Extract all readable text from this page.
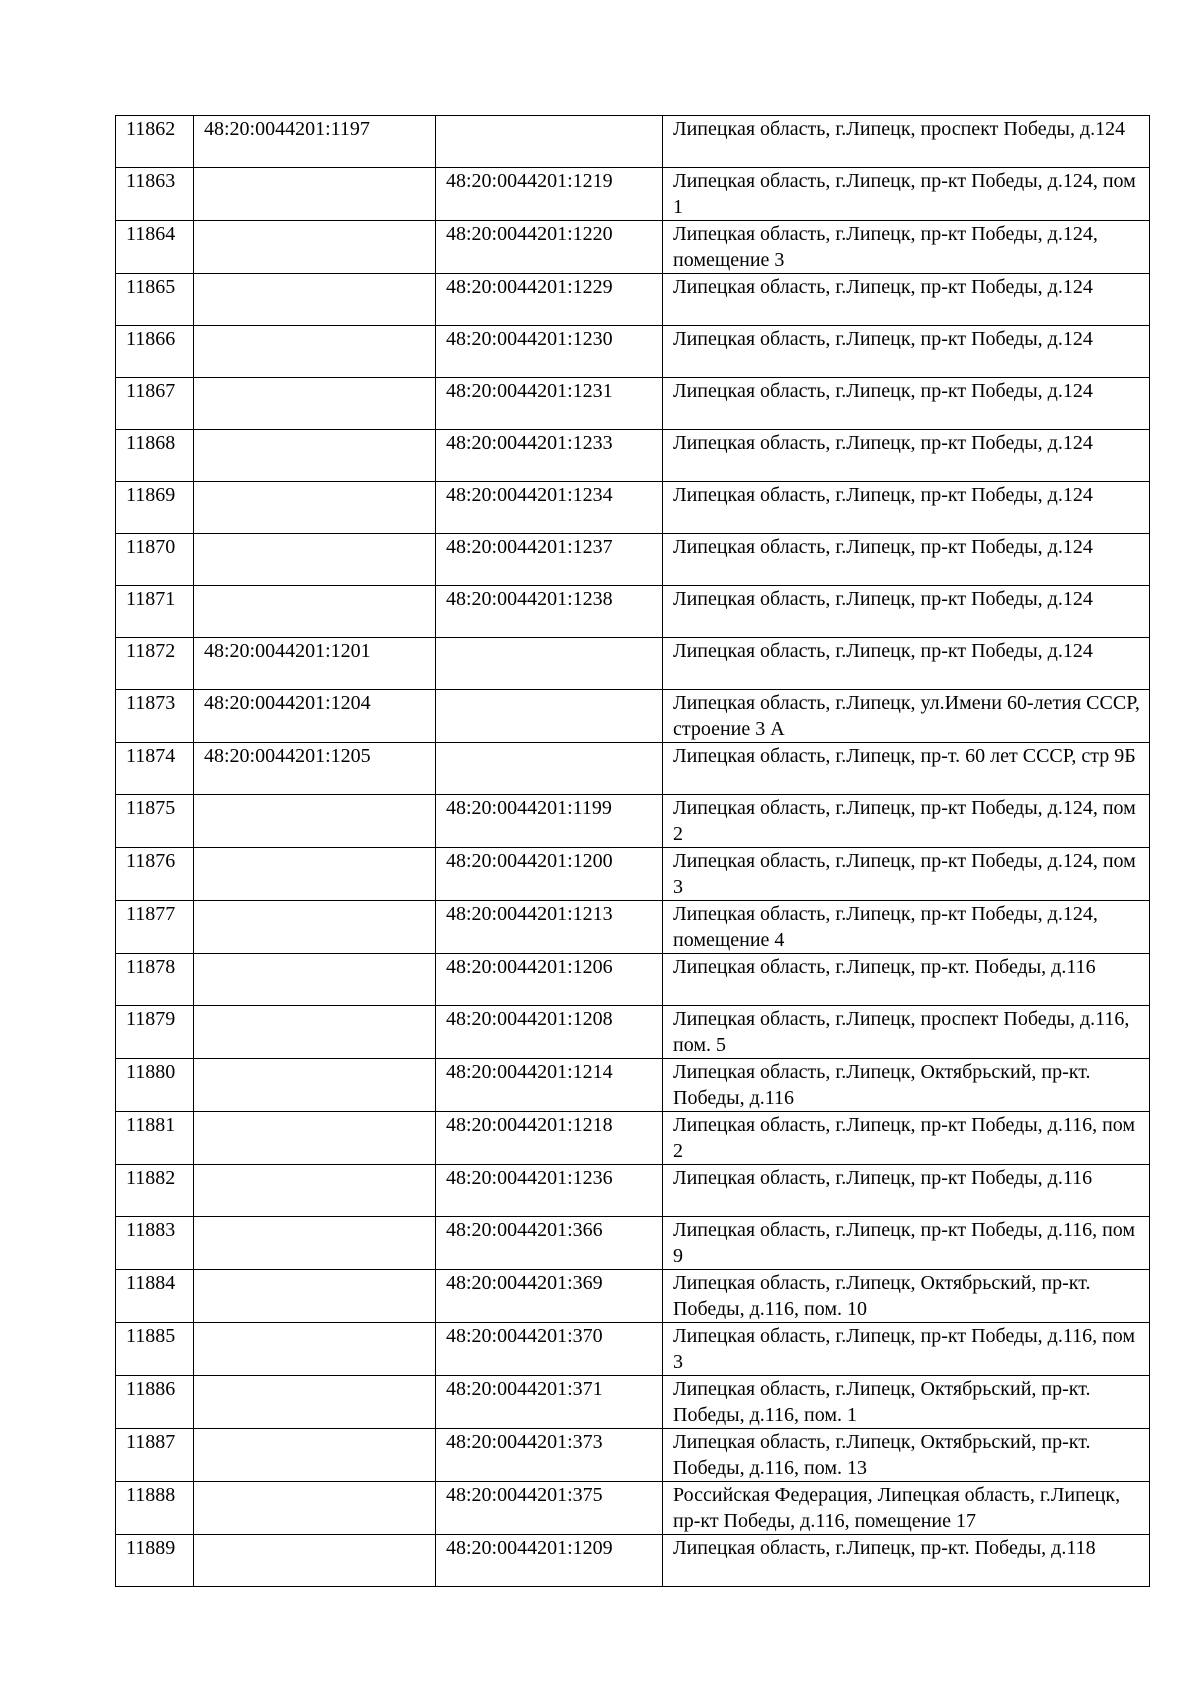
11862	48:20:0044201:1197		Липецкая область, г.Липецк, проспект Победы, д.124
11863		48:20:0044201:1219	Липецкая область, г.Липецк, пр-кт Победы, д.124, пом 1
11864		48:20:0044201:1220	Липецкая область, г.Липецк, пр-кт Победы, д.124, помещение 3
11865		48:20:0044201:1229	Липецкая область, г.Липецк, пр-кт Победы, д.124
11866		48:20:0044201:1230	Липецкая область, г.Липецк, пр-кт Победы, д.124
11867		48:20:0044201:1231	Липецкая область, г.Липецк, пр-кт Победы, д.124
11868		48:20:0044201:1233	Липецкая область, г.Липецк, пр-кт Победы, д.124
11869		48:20:0044201:1234	Липецкая область, г.Липецк, пр-кт Победы, д.124
11870		48:20:0044201:1237	Липецкая область, г.Липецк, пр-кт Победы, д.124
11871		48:20:0044201:1238	Липецкая область, г.Липецк, пр-кт Победы, д.124
11872	48:20:0044201:1201		Липецкая область, г.Липецк, пр-кт Победы, д.124
11873	48:20:0044201:1204		Липецкая область, г.Липецк, ул.Имени 60-летия СССР, строение 3 А
11874	48:20:0044201:1205		Липецкая область, г.Липецк, пр-т. 60 лет СССР, стр 9Б
11875		48:20:0044201:1199	Липецкая область, г.Липецк, пр-кт Победы, д.124, пом 2
11876		48:20:0044201:1200	Липецкая область, г.Липецк, пр-кт Победы, д.124, пом 3
11877		48:20:0044201:1213	Липецкая область, г.Липецк, пр-кт Победы, д.124, помещение 4
11878		48:20:0044201:1206	Липецкая область, г.Липецк, пр-кт. Победы, д.116
11879		48:20:0044201:1208	Липецкая область, г.Липецк, проспект Победы, д.116, пом. 5
11880		48:20:0044201:1214	Липецкая область, г.Липецк, Октябрьский, пр-кт. Победы, д.116
11881		48:20:0044201:1218	Липецкая область, г.Липецк, пр-кт Победы, д.116, пом 2
11882		48:20:0044201:1236	Липецкая область, г.Липецк, пр-кт Победы, д.116
11883		48:20:0044201:366	Липецкая область, г.Липецк, пр-кт Победы, д.116, пом 9
11884		48:20:0044201:369	Липецкая область, г.Липецк, Октябрьский, пр-кт. Победы, д.116, пом. 10
11885		48:20:0044201:370	Липецкая область, г.Липецк, пр-кт Победы, д.116, пом 3
11886		48:20:0044201:371	Липецкая область, г.Липецк, Октябрьский, пр-кт. Победы, д.116, пом. 1
11887		48:20:0044201:373	Липецкая область, г.Липецк, Октябрьский, пр-кт. Победы, д.116, пом. 13
11888		48:20:0044201:375	Российская Федерация, Липецкая область, г.Липецк, пр-кт Победы, д.116, помещение 17
11889		48:20:0044201:1209	Липецкая область, г.Липецк, пр-кт. Победы, д.118
